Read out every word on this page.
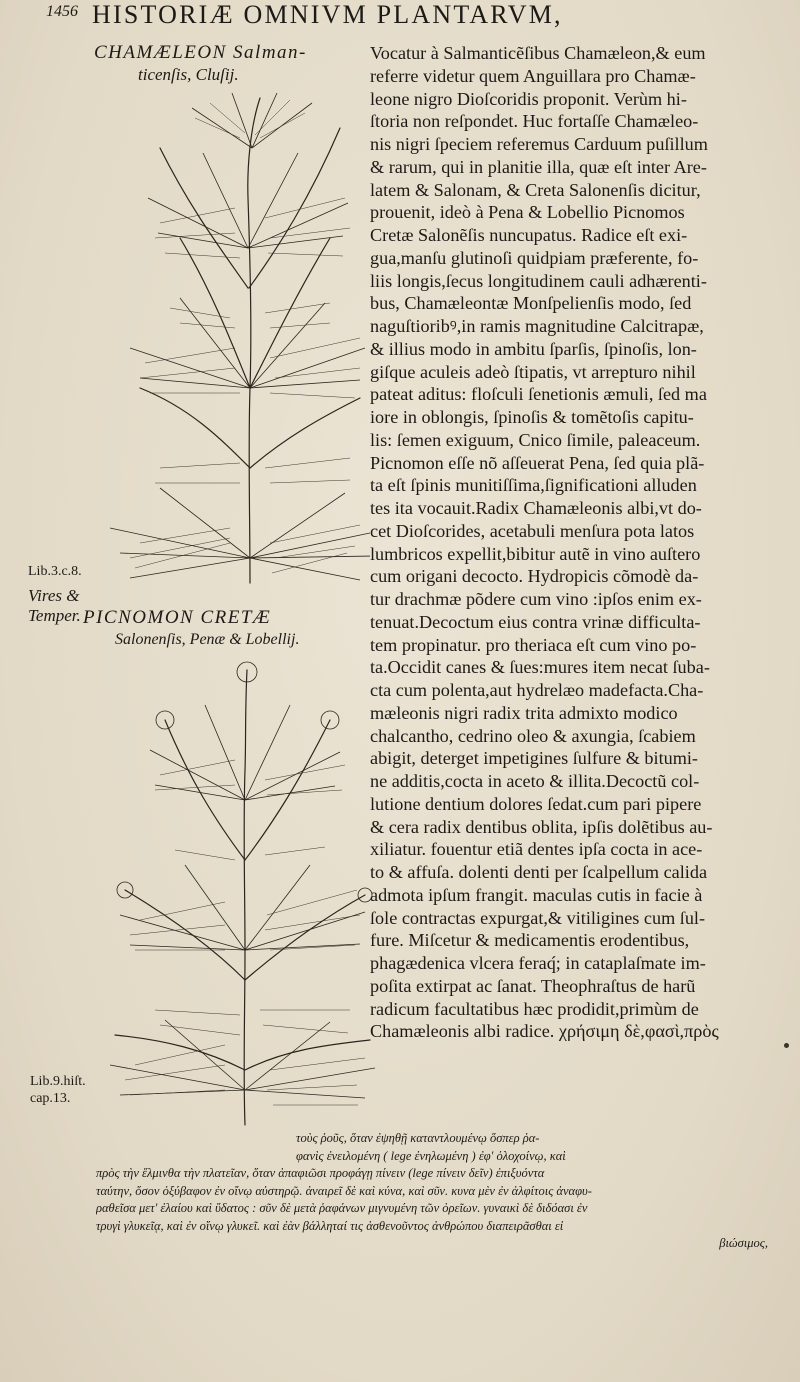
1456 HISTORIÆ OMNIVM PLANTARVM,
CHAMÆLEON Salman-
ticenſis, Cluſij.
Lib.3.c.8.
Vires &
Temper. PICNOMON CRETÆ
Salonenſis, Penæ & Lobellij.
Lib.9.hiſt.
cap.13.
Vocatur à Salmanticẽſibus Chamæleon,& eum
referre videtur quem Anguillara pro Chamæ-
leone nigro Dioſcoridis proponit. Verùm hi-
ſtoria non reſpondet. Huc fortaſſe Chamæleo-
nis nigri ſpeciem referemus Carduum puſillum
& rarum, qui in planitie illa, quæ eſt inter Are-
latem & Salonam, & Creta Salonenſis dicitur,
prouenit, ideò à Pena & Lobellio Picnomos
Cretæ Salonẽſis nuncupatus. Radice eſt exi-
gua,manſu glutinoſi quidpiam præferente, fo-
liis longis,ſecus longitudinem cauli adhærenti-
bus, Chamæleontæ Monſpelienſis modo, ſed
naguſtioribꝰ,in ramis magnitudine Calcitrapæ,
& illius modo in ambitu ſparſis, ſpinoſis, lon-
giſque aculeis adeò ſtipatis, vt arrepturo nihil
pateat aditus: floſculi ſenetionis æmuli, ſed ma
iore in oblongis, ſpinoſis & tomẽtoſis capitu-
lis: ſemen exiguum, Cnico ſimile, paleaceum.
Picnomon eſſe nõ aſſeuerat Pena, ſed quia plã-
ta eſt ſpinis munitiſſima,ſignificationi alluden
tes ita vocauit.Radix Chamæleonis albi,vt do-
cet Dioſcorides, acetabuli menſura pota latos
lumbricos expellit,bibitur autẽ in vino auſtero
cum origani decocto. Hydropicis cõmodè da-
tur drachmæ põdere cum vino :ipſos enim ex-
tenuat.Decoctum eius contra vrinæ difficulta-
tem propinatur. pro theriaca eſt cum vino po-
ta.Occidit canes & ſues:mures item necat ſuba-
cta cum polenta,aut hydrelæo madefacta.Cha-
mæleonis nigri radix trita admixto modico
chalcantho, cedrino oleo & axungia, ſcabiem
abigit, deterget impetigines ſulfure & bitumi-
ne additis,cocta in aceto & illita.Decoctũ col-
lutione dentium dolores ſedat.cum pari pipere
& cera radix dentibus oblita, ipſis dolẽtibus au-
xiliatur. fouentur etiã dentes ipſa cocta in ace-
to & affuſa. dolenti denti per ſcalpellum calida
admota ipſum frangit. maculas cutis in facie à
ſole contractas expurgat,& vitiligines cum ſul-
fure. Miſcetur & medicamentis erodentibus,
phagædenica vlcera feraq́; in cataplaſmate im-
poſita extirpat ac ſanat. Theophraſtus de harũ
radicum facultatibus hæc prodidit,primùm de
Chamæleonis albi radice. χρήσιμη δὲ,φασὶ,πρὸς
τοὺς ῥοῦς, ὅταν ἐψηθῇ καταντλουμένῳ ὅσπερ ῥα-
φανὶς ἐνειλομένη ( lege ἐνηλωμένη ) ἐφ' ὁλοχοίνῳ, καὶ
πρὸς τὴν ἕλμινθα τὴν πλατεῖαν, ὅταν ἀπαφιῶσι προφάγῃ πίνειν (lege πίνειν δεῖν) ἐπιξυόντα
ταύτην, ὅσον ὀξύβαφον ἐν οἴνῳ αὐστηρῷ. ἀναιρεῖ δὲ καὶ κύνα, καὶ σῦν. κυνα μὲν ἐν ἀλφίτοις ἀναφυ-
ραθεῖσα μετ' ἐλαίου καὶ ὕδατος : σῦν δὲ μετὰ ῥαφάνων μιγνυμένη τῶν ὀρεῖων. γυναικὶ δὲ διδόασι ἐν
τρυγὶ γλυκεῖᾳ, καὶ ἐν οἴνῳ γλυκεῖ. καὶ ἐὰν βάλληταί τις ἀσθενοῦντος ἀνθρώπου διαπειρᾶσθαι εἰ
βιώσιμος,
